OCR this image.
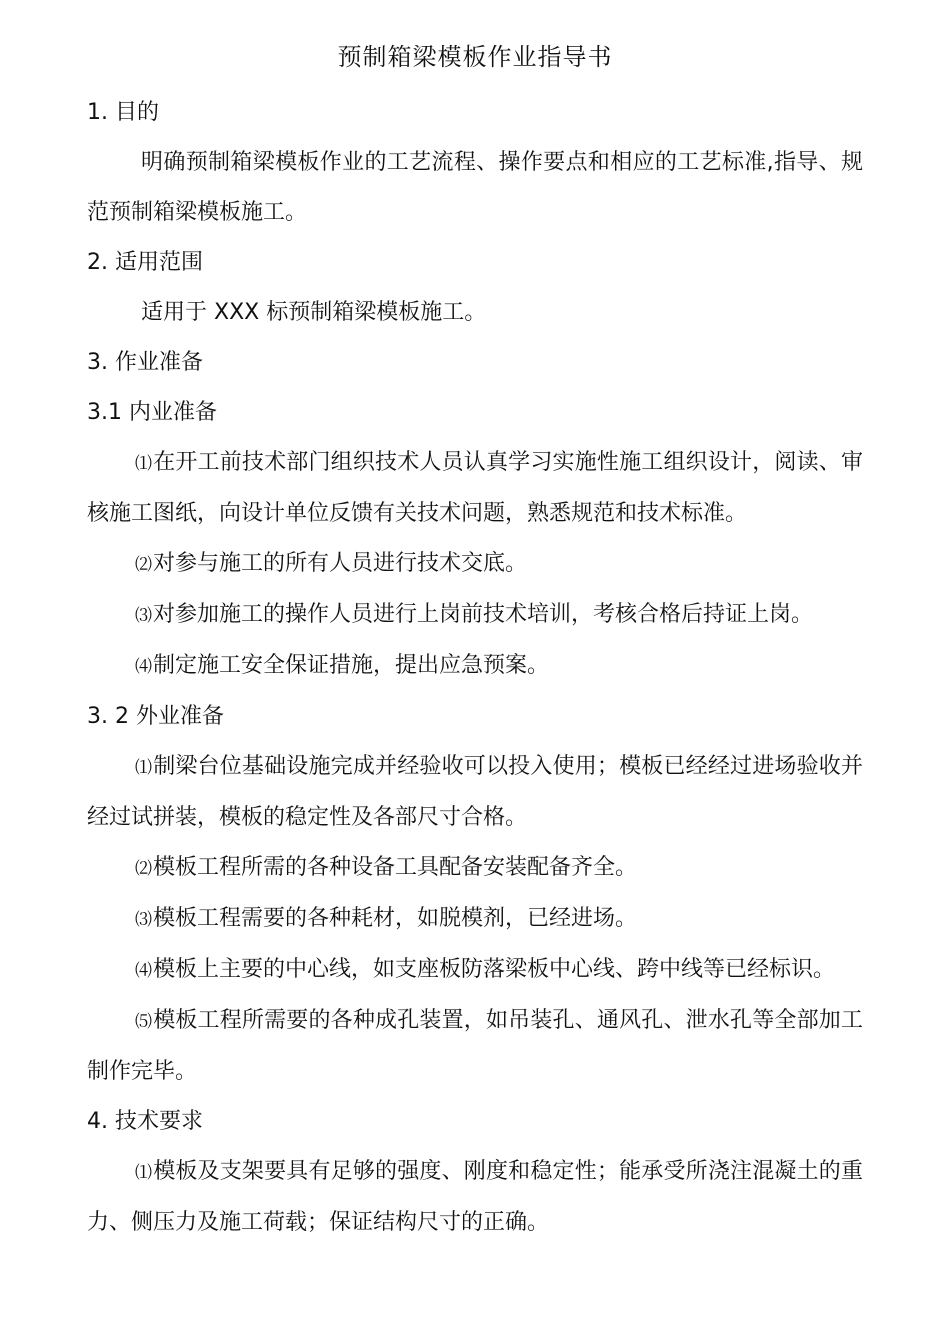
预制箱梁模板作业指导书
1. 目的

明确预制箱梁模板作业的工艺流程、操作要点和相应的工艺标准,指导、规范预制箱梁模板施工。

2. 适用范围

适用于 XXX 标预制箱梁模板施工。

3. 作业准备
3.1 内业准备

⑴在开工前技术部门组织技术人员认真学习实施性施工组织设计，阅读、审核施工图纸，向设计单位反馈有关技术问题，熟悉规范和技术标准。

⑵对参与施工的所有人员进行技术交底。

⑶对参加施工的操作人员进行上岗前技术培训，考核合格后持证上岗。

⑷制定施工安全保证措施，提出应急预案。

3. 2 外业准备

⑴制梁台位基础设施完成并经验收可以投入使用；模板已经经过进场验收并经过试拼装，模板的稳定性及各部尺寸合格。

⑵模板工程所需的各种设备工具配备安装配备齐全。

⑶模板工程需要的各种耗材，如脱模剂，已经进场。

⑷模板上主要的中心线，如支座板防落梁板中心线、跨中线等已经标识。

⑸模板工程所需要的各种成孔装置，如吊装孔、通风孔、泄水孔等全部加工制作完毕。

4. 技术要求

⑴模板及支架要具有足够的强度、刚度和稳定性；能承受所浇注混凝土的重力、侧压力及施工荷载；保证结构尺寸的正确。
